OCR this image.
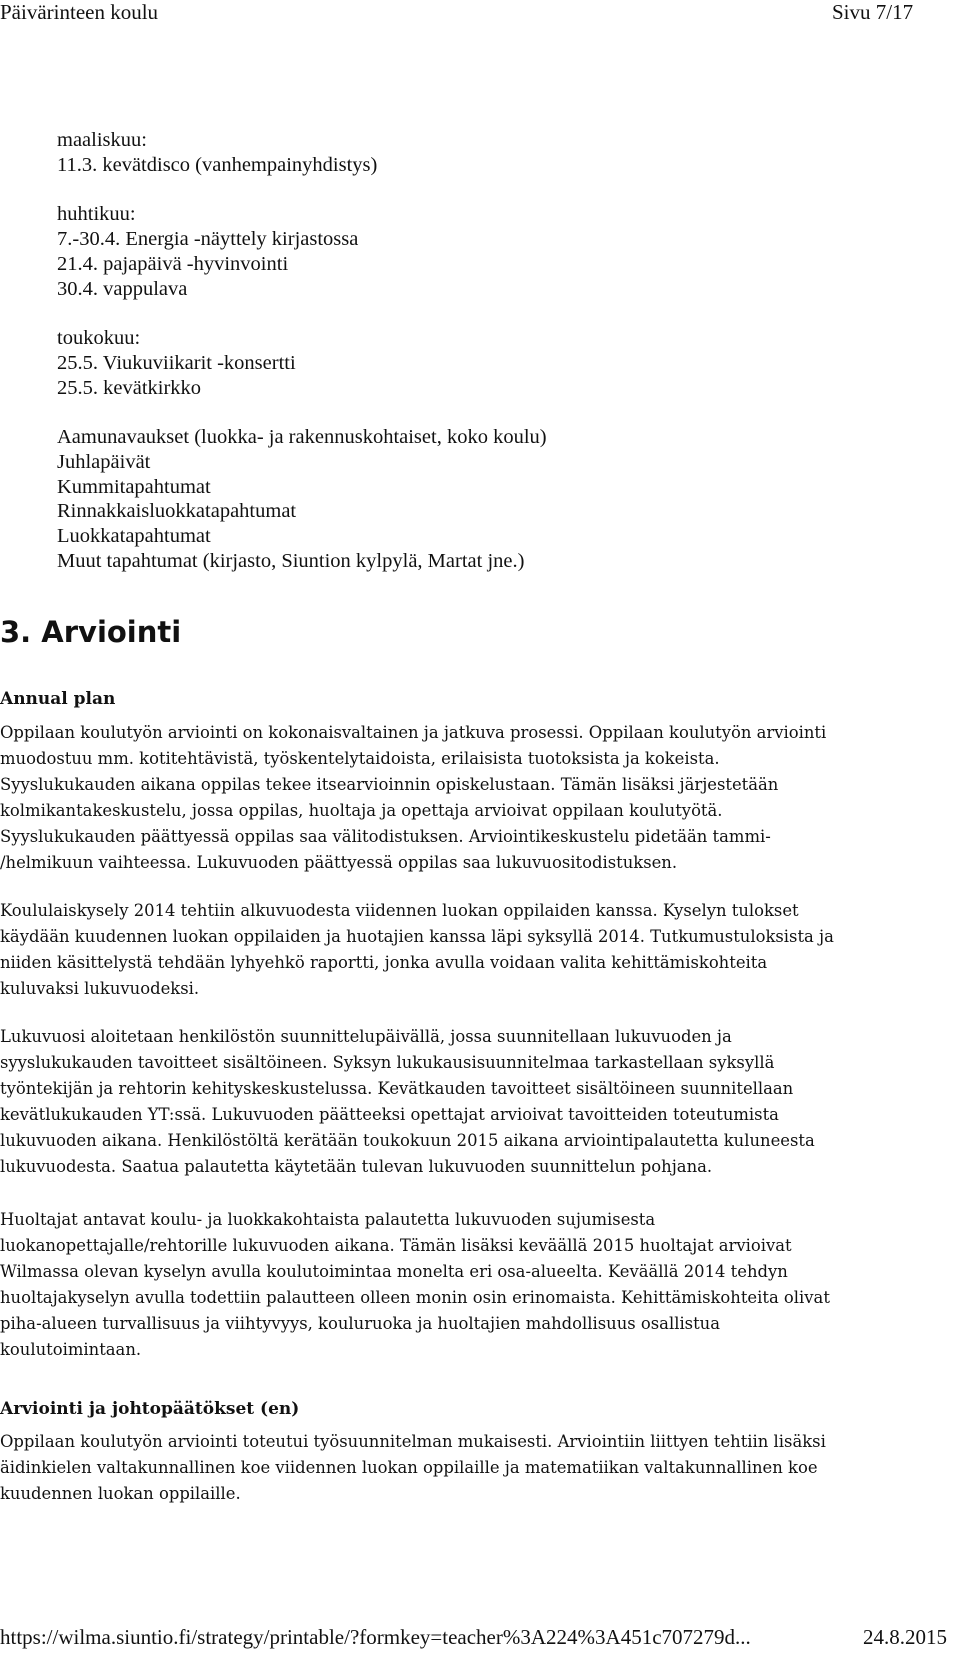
Päivärinteen koulu	Sivu 7/17
maaliskuu:
11.3. kevätdisco (vanhempainyhdistys)
huhtikuu:
7.-30.4. Energia -näyttely kirjastossa
21.4. pajapäivä -hyvinvointi
30.4. vappulava
toukokuu:
25.5. Viukuviikarit -konsertti
25.5. kevätkirkko
Aamunavaukset (luokka- ja rakennuskohtaiset, koko koulu)
Juhlapäivät
Kummitapahtumat
Rinnakkaisluokkatapahtumat
Luokkatapahtumat
Muut tapahtumat (kirjasto, Siuntion kylpylä, Martat jne.)
3. Arviointi
Annual plan

Oppilaan koulutyön arviointi on kokonaisvaltainen ja jatkuva prosessi. Oppilaan koulutyön arviointi
muodostuu mm. kotitehtävistä, työskentelytaidoista, erilaisista tuotoksista ja kokeista.
Syyslukukauden aikana oppilas tekee itsearvioinnin opiskelustaan. Tämän lisäksi järjestetään
kolmikantakeskustelu, jossa oppilas, huoltaja ja opettaja arvioivat oppilaan koulutyötä.
Syyslukukauden päättyessä oppilas saa välitodistuksen. Arviointikeskustelu pidetään tammi-
/helmikuun vaihteessa. Lukuvuoden päättyessä oppilas saa lukuvuositodistuksen.

Koululaiskysely 2014 tehtiin alkuvuodesta viidennen luokan oppilaiden kanssa. Kyselyn tulokset
käydään kuudennen luokan oppilaiden ja huotajien kanssa läpi syksyllä 2014. Tutkumustuloksista ja
niiden käsittelystä tehdään lyhyehkö raportti, jonka avulla voidaan valita kehittämiskohteita
kuluvaksi lukuvuodeksi.

Lukuvuosi aloitetaan henkilöstön suunnittelupäivällä, jossa suunnitellaan lukuvuoden ja
syyslukukauden tavoitteet sisältöineen. Syksyn lukukausisuunnitelmaa tarkastellaan syksyllä
työntekijän ja rehtorin kehityskeskustelussa. Kevätkauden tavoitteet sisältöineen suunnitellaan
kevätlukukauden YT:ssä. Lukuvuoden päätteeksi opettajat arvioivat tavoitteiden toteutumista
lukuvuoden aikana. Henkilöstöltä kerätään toukokuun 2015 aikana arviointipalautetta kuluneesta
lukuvuodesta. Saatua palautetta käytetään tulevan lukuvuoden suunnittelun pohjana.

Huoltajat antavat koulu- ja luokkakohtaista palautetta lukuvuoden sujumisesta
luokanopettajalle/rehtorille lukuvuoden aikana. Tämän lisäksi keväällä 2015 huoltajat arvioivat
Wilmassa olevan kyselyn avulla koulutoimintaa monelta eri osa-alueelta. Keväällä 2014 tehdyn
huoltajakyselyn avulla todettiin palautteen olleen monin osin erinomaista. Kehittämiskohteita olivat
piha-alueen turvallisuus ja viihtyvyys, kouluruoka ja huoltajien mahdollisuus osallistua
koulutoimintaan.

Arviointi ja johtopäätökset (en)

Oppilaan koulutyön arviointi toteutui työsuunnitelman mukaisesti. Arviointiin liittyen tehtiin lisäksi
äidinkielen valtakunnallinen koe viidennen luokan oppilaille ja matematiikan valtakunnallinen koe
kuudennen luokan oppilaille.

https://wilma.siuntio.fi/strategy/printable/?formkey=teacher%3A224%3A451c707279d...	24.8.2015
